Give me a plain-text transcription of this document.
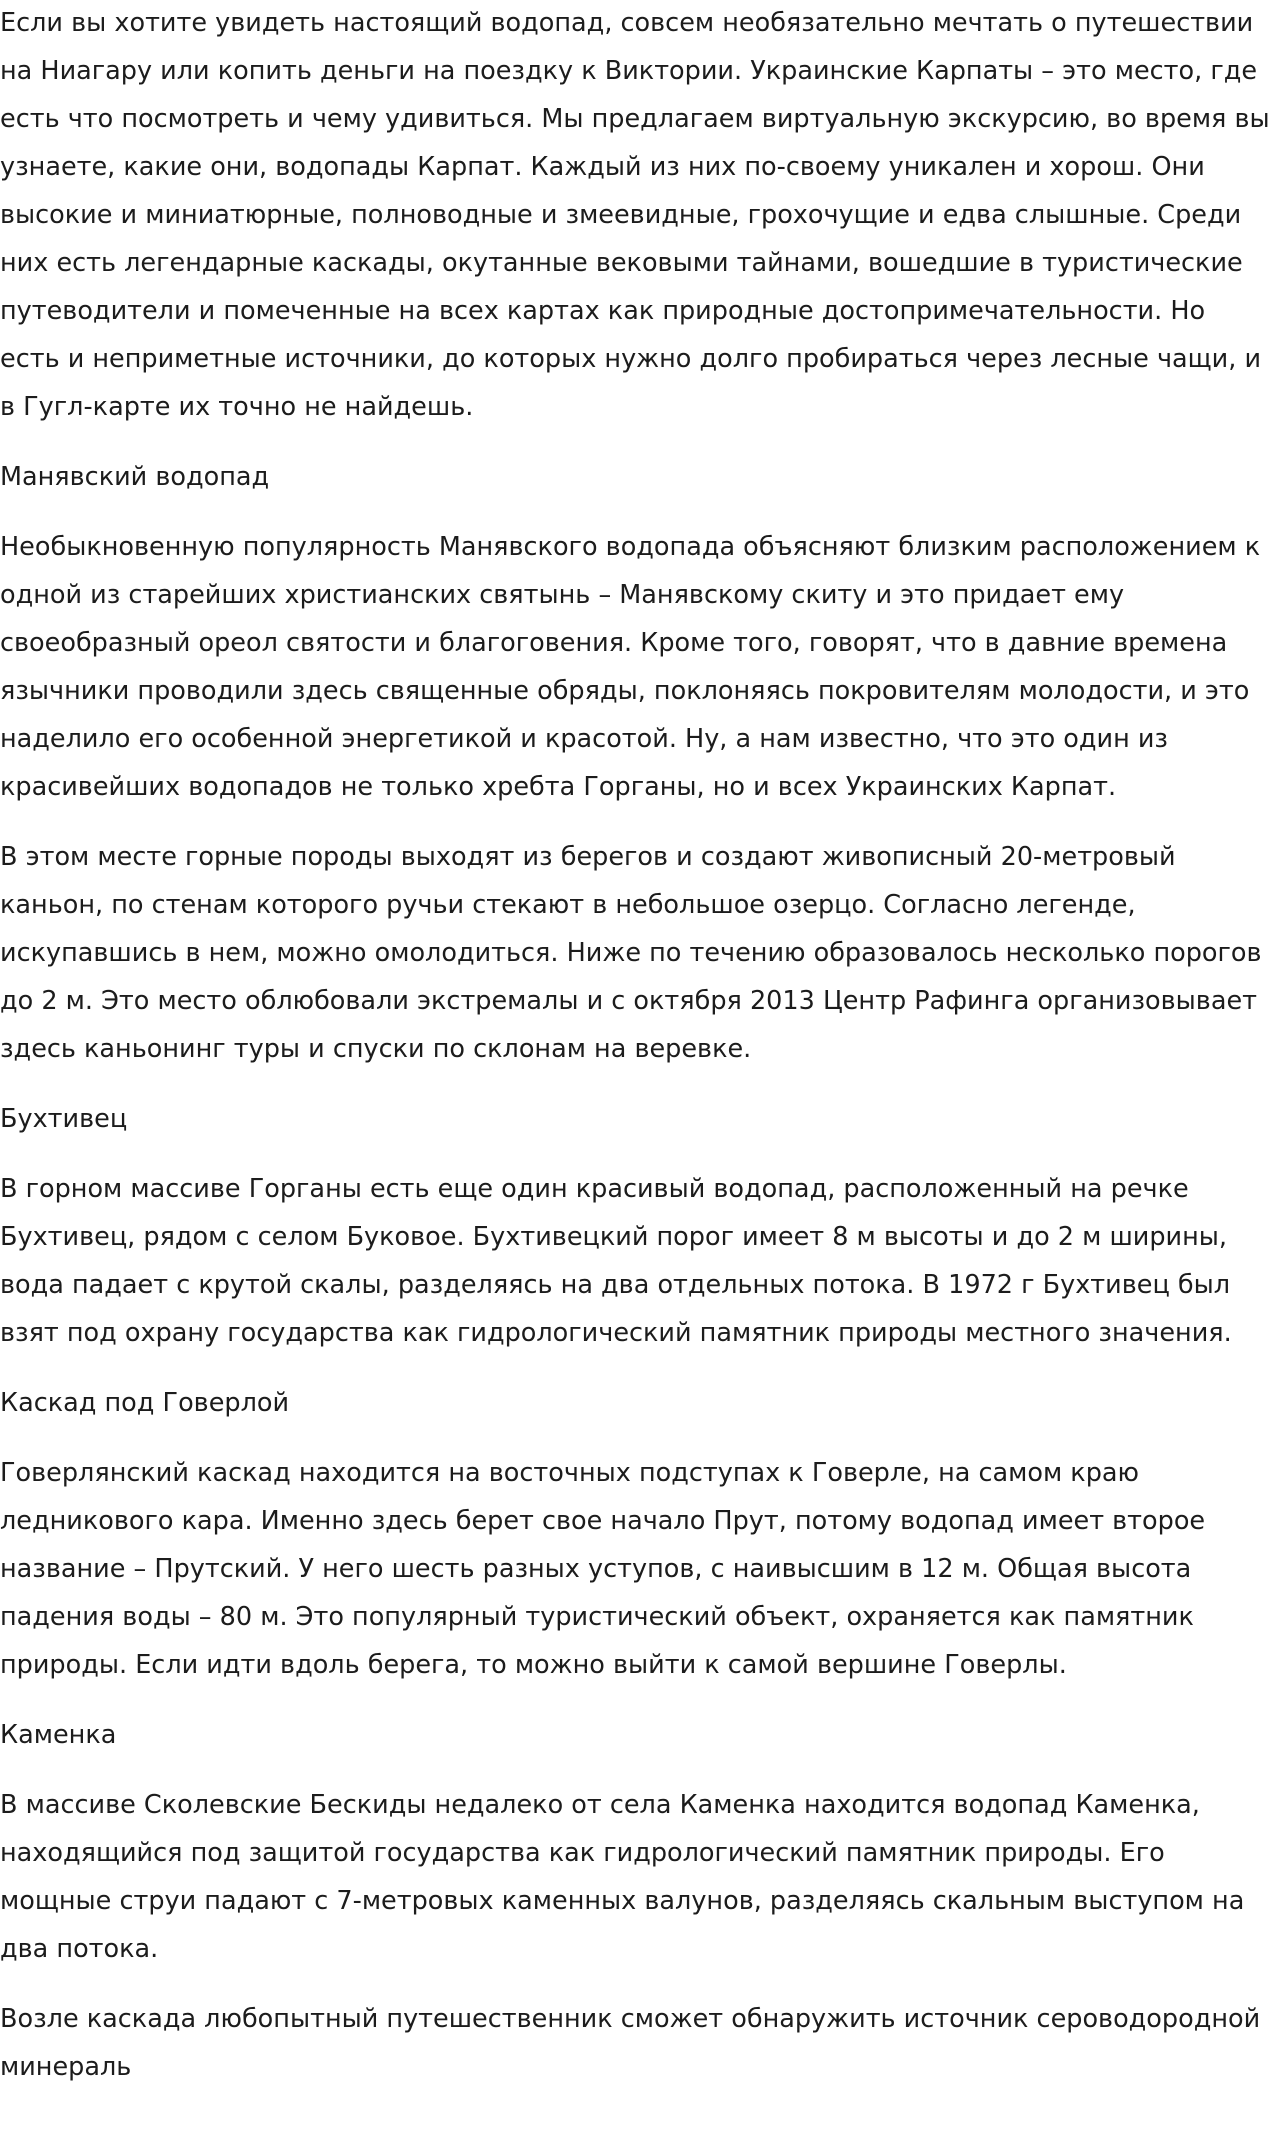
Если вы хотите увидеть настоящий водопад, совсем необязательно мечтать о путешествии на Ниагару или копить деньги на поездку к Виктории. Украинские Карпаты – это место, где есть что посмотреть и чему удивиться. Мы предлагаем виртуальную экскурсию, во время вы узнаете, какие они, водопады Карпат. Каждый из них по-своему уникален и хорош. Они высокие и миниатюрные, полноводные и змеевидные, грохочущие и едва слышные. Среди них есть легендарные каскады, окутанные вековыми тайнами, вошедшие в туристические путеводители и помеченные на всех картах как природные достопримечательности. Но есть и неприметные источники, до которых нужно долго пробираться через лесные чащи, и в Гугл-карте их точно не найдешь.

Манявский водопад

Необыкновенную популярность Манявского водопада объясняют близким расположением к одной из старейших христианских святынь – Манявскому скиту и это придает ему своеобразный ореол святости и благоговения. Кроме того, говорят, что в давние времена язычники проводили здесь священные обряды, поклоняясь покровителям молодости, и это наделило его особенной энергетикой и красотой. Ну, а нам известно, что это один из красивейших водопадов не только хребта Горганы, но и всех Украинских Карпат.

В этом месте горные породы выходят из берегов и создают живописный 20-метровый каньон, по стенам которого ручьи стекают в небольшое озерцо. Согласно легенде, искупавшись в нем, можно омолодиться. Ниже по течению образовалось несколько порогов до 2 м. Это место облюбовали экстремалы и с октября 2013 Центр Рафинга организовывает здесь каньонинг туры и спуски по склонам на веревке.

Бухтивец

В горном массиве Горганы есть еще один красивый водопад, расположенный на речке Бухтивец, рядом с селом Буковое. Бухтивецкий порог имеет 8 м высоты и до 2 м ширины, вода падает с крутой скалы, разделяясь на два отдельных потока. В 1972 г Бухтивец был взят под охрану государства как гидрологический памятник природы местного значения.

Каскад под Говерлой

Говерлянский каскад находится на восточных подступах к Говерле, на самом краю ледникового кара. Именно здесь берет свое начало Прут, потому водопад имеет второе название – Прутский. У него шесть разных уступов, с наивысшим в 12 м. Общая высота падения воды – 80 м. Это популярный туристический объект, охраняется как памятник природы. Если идти вдоль берега, то можно выйти к самой вершине Говерлы.

Каменка

В массиве Сколевские Бескиды недалеко от села Каменка находится водопад Каменка, находящийся под защитой государства как гидрологический памятник природы. Его мощные струи падают с 7-метровых каменных валунов, разделяясь скальным выступом на два потока.

Возле каскада любопытный путешественник сможет обнаружить источник сероводородной минераль
